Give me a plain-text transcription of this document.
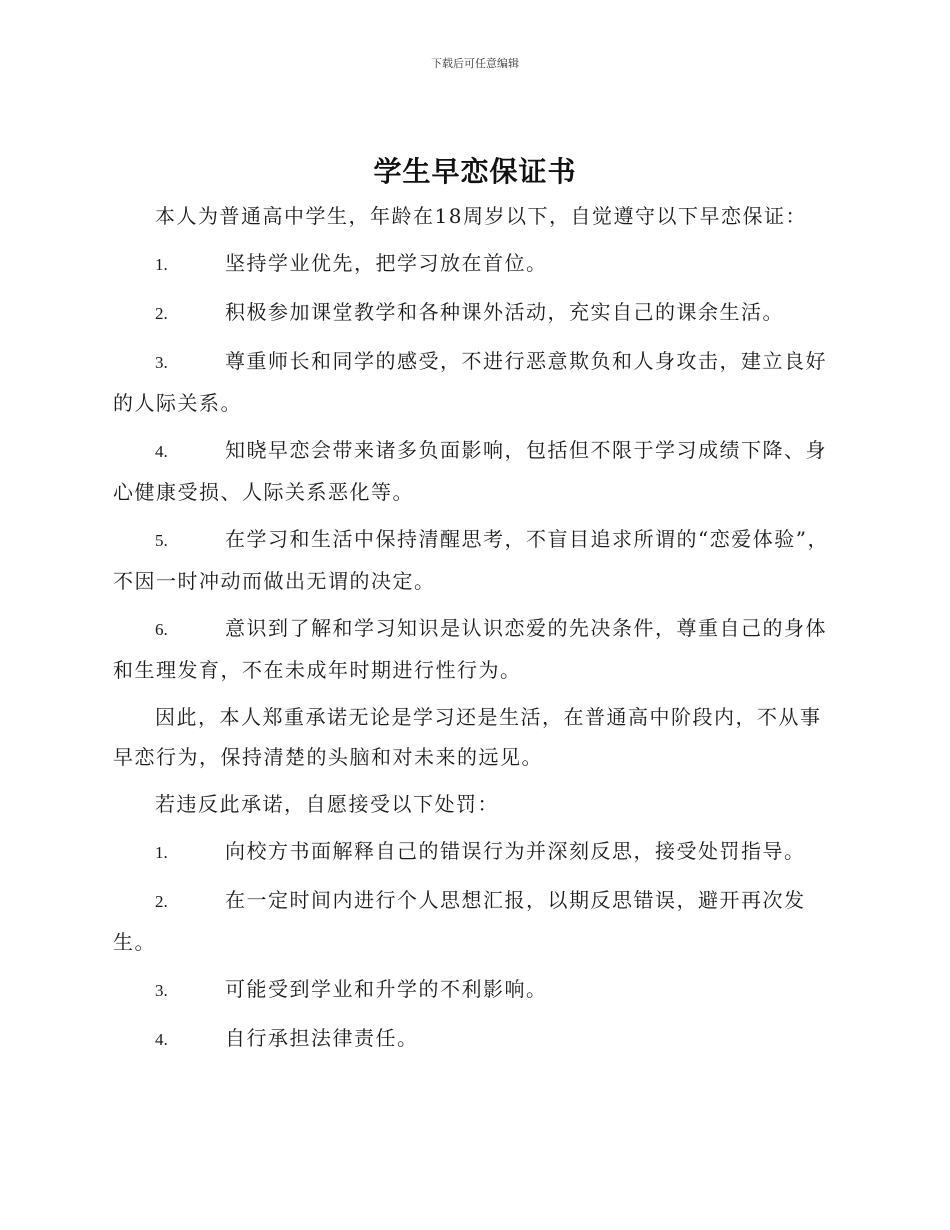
下载后可任意编辑
学生早恋保证书

本人为普通高中学生，年龄在18周岁以下，自觉遵守以下早恋保证：

1.	坚持学业优先，把学习放在首位。
2.	积极参加课堂教学和各种课外活动，充实自己的课余生活。
3.	尊重师长和同学的感受，不进行恶意欺负和人身攻击，建立良好的人际关系。
4.	知晓早恋会带来诸多负面影响，包括但不限于学习成绩下降、身心健康受损、人际关系恶化等。
5.	在学习和生活中保持清醒思考，不盲目追求所谓的“恋爱体验”，不因一时冲动而做出无谓的决定。
6.	意识到了解和学习知识是认识恋爱的先决条件，尊重自己的身体和生理发育，不在未成年时期进行性行为。

因此，本人郑重承诺无论是学习还是生活，在普通高中阶段内，不从事早恋行为，保持清楚的头脑和对未来的远见。

若违反此承诺，自愿接受以下处罚：

1.	向校方书面解释自己的错误行为并深刻反思，接受处罚指导。
2.	在一定时间内进行个人思想汇报，以期反思错误，避开再次发生。
3.	可能受到学业和升学的不利影响。
4.	自行承担法律责任。
